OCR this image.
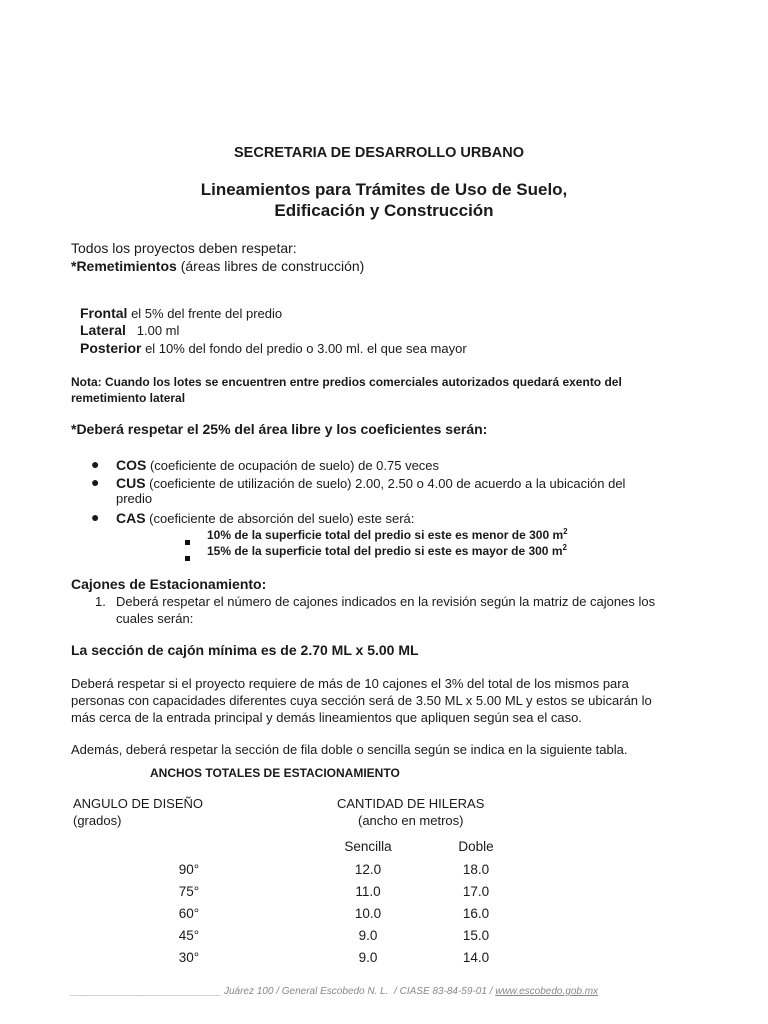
SECRETARIA DE DESARROLLO URBANO
Lineamientos para Trámites de Uso de Suelo,
Edificación y Construcción
Todos los proyectos deben respetar:
*Remetimientos (áreas libres de construcción)
Frontal el 5% del frente del predio
Lateral   1.00 ml
Posterior el 10% del fondo del predio o 3.00 ml. el que sea mayor
Nota: Cuando los lotes se encuentren entre predios comerciales autorizados quedará exento del
remetimiento lateral
*Deberá respetar el 25% del área libre y los coeficientes serán:
● COS (coeficiente de ocupación de suelo) de 0.75 veces
● CUS (coeficiente de utilización de suelo) 2.00, 2.50 o 4.00 de acuerdo a la ubicación del
predio
● CAS (coeficiente de absorción del suelo) este será:
10% de la superficie total del predio si este es menor de 300 $m^2$
15% de la superficie total del predio si este es mayor de 300 $m^2$
Cajones de Estacionamiento:
1. Deberá respetar el número de cajones indicados en la revisión según la matriz de cajones los
cuales serán:
La sección de cajón mínima es de 2.70 ML x 5.00 ML
Deberá respetar si el proyecto requiere de más de 10 cajones el 3% del total de los mismos para
personas con capacidades diferentes cuya sección será de 3.50 ML x 5.00 ML y estos se ubicarán lo
más cerca de la entrada principal y demás lineamientos que apliquen según sea el caso.
Además, deberá respetar la sección de fila doble o sencilla según se indica en la siguiente tabla.
ANCHOS TOTALES DE ESTACIONAMIENTO
ANGULO DE DISEÑO
(grados)
CANTIDAD DE HILERAS
(ancho en metros)
Sencilla	Doble
90°	12.0	18.0
75°	11.0	17.0
60°	10.0	16.0
45°	9.0	15.0
30°	9.0	14.0
___________________________ Juárez 100 / General Escobedo N. L.  / CIASE 83-84-59-01 / www.escobedo.gob.mx
